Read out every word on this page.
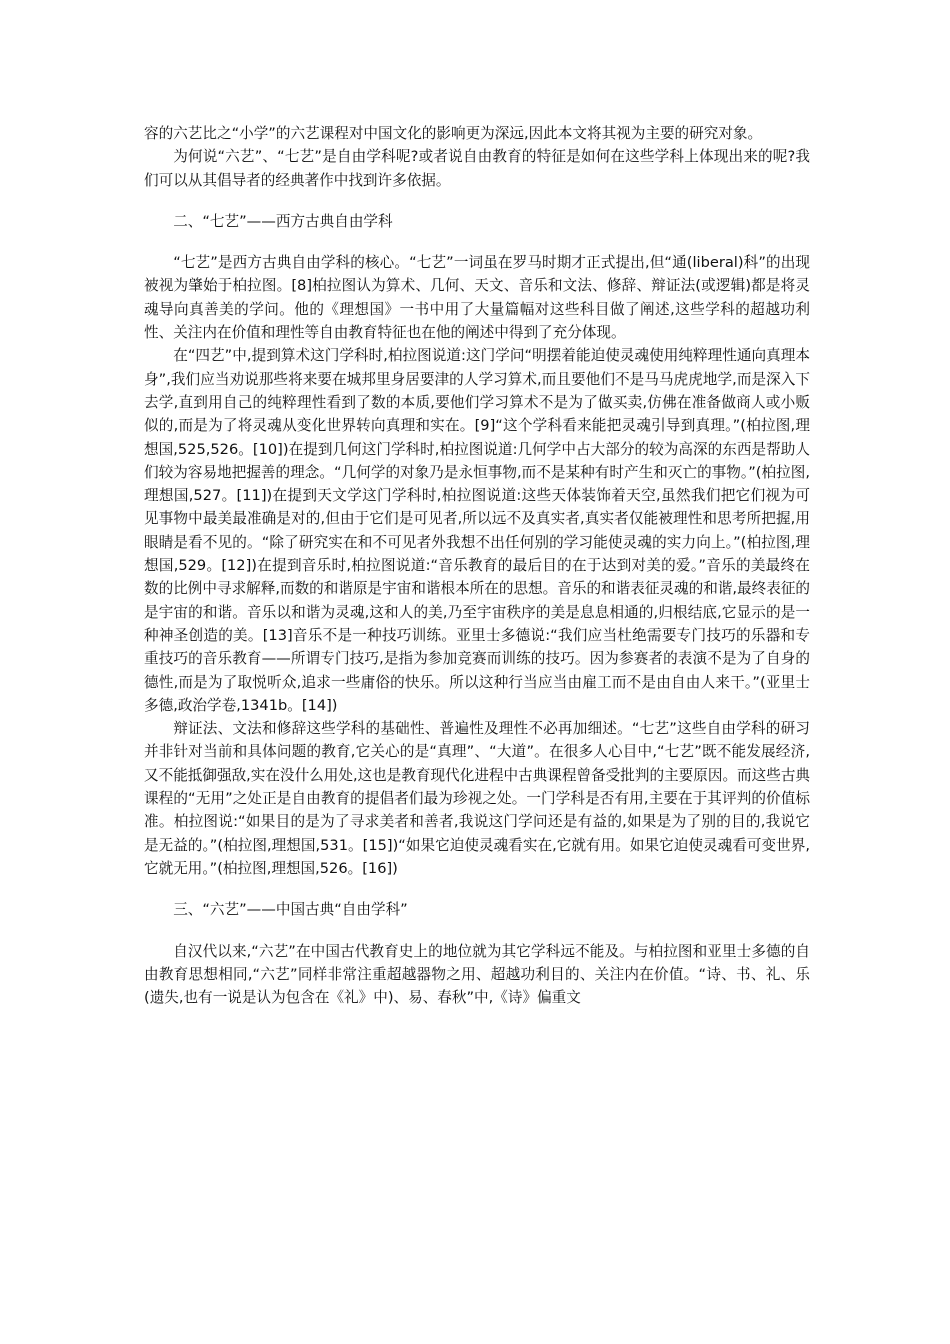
容的六艺比之“小学”的六艺课程对中国文化的影响更为深远,因此本文将其视为主要的研究对象。

为何说“六艺”、“七艺”是自由学科呢?或者说自由教育的特征是如何在这些学科上体现出来的呢?我们可以从其倡导者的经典著作中找到许多依据。

二、“七艺”——西方古典自由学科

“七艺”是西方古典自由学科的核心。“七艺”一词虽在罗马时期才正式提出,但“通(liberal)科”的出现被视为肇始于柏拉图。[8]柏拉图认为算术、几何、天文、音乐和文法、修辞、辩证法(或逻辑)都是将灵魂导向真善美的学问。他的《理想国》一书中用了大量篇幅对这些科目做了阐述,这些学科的超越功利性、关注内在价值和理性等自由教育特征也在他的阐述中得到了充分体现。

在“四艺”中,提到算术这门学科时,柏拉图说道:这门学问“明摆着能迫使灵魂使用纯粹理性通向真理本身”,我们应当劝说那些将来要在城邦里身居要津的人学习算术,而且要他们不是马马虎虎地学,而是深入下去学,直到用自己的纯粹理性看到了数的本质,要他们学习算术不是为了做买卖,仿佛在准备做商人或小贩似的,而是为了将灵魂从变化世界转向真理和实在。[9]“这个学科看来能把灵魂引导到真理。”(柏拉图,理想国,525,526。[10])在提到几何这门学科时,柏拉图说道:几何学中占大部分的较为高深的东西是帮助人们较为容易地把握善的理念。“几何学的对象乃是永恒事物,而不是某种有时产生和灭亡的事物。”(柏拉图,理想国,527。[11])在提到天文学这门学科时,柏拉图说道:这些天体装饰着天空,虽然我们把它们视为可见事物中最美最准确是对的,但由于它们是可见者,所以远不及真实者,真实者仅能被理性和思考所把握,用眼睛是看不见的。“除了研究实在和不可见者外我想不出任何别的学习能使灵魂的实力向上。”(柏拉图,理想国,529。[12])在提到音乐时,柏拉图说道:“音乐教育的最后目的在于达到对美的爱。”音乐的美最终在数的比例中寻求解释,而数的和谐原是宇宙和谐根本所在的思想。音乐的和谐表征灵魂的和谐,最终表征的是宇宙的和谐。音乐以和谐为灵魂,这和人的美,乃至宇宙秩序的美是息息相通的,归根结底,它显示的是一种神圣创造的美。[13]音乐不是一种技巧训练。亚里士多德说:“我们应当杜绝需要专门技巧的乐器和专重技巧的音乐教育——所谓专门技巧,是指为参加竞赛而训练的技巧。因为参赛者的表演不是为了自身的德性,而是为了取悦听众,追求一些庸俗的快乐。所以这种行当应当由雇工而不是由自由人来干。”(亚里士多德,政治学卷,1341b。[14])

辩证法、文法和修辞这些学科的基础性、普遍性及理性不必再加细述。“七艺”这些自由学科的研习并非针对当前和具体问题的教育,它关心的是“真理”、“大道”。在很多人心目中,“七艺”既不能发展经济,又不能抵御强敌,实在没什么用处,这也是教育现代化进程中古典课程曾备受批判的主要原因。而这些古典课程的“无用”之处正是自由教育的提倡者们最为珍视之处。一门学科是否有用,主要在于其评判的价值标准。柏拉图说:“如果目的是为了寻求美者和善者,我说这门学问还是有益的,如果是为了别的目的,我说它是无益的。”(柏拉图,理想国,531。[15])“如果它迫使灵魂看实在,它就有用。如果它迫使灵魂看可变世界,它就无用。”(柏拉图,理想国,526。[16])

三、“六艺”——中国古典“自由学科”

自汉代以来,“六艺”在中国古代教育史上的地位就为其它学科远不能及。与柏拉图和亚里士多德的自由教育思想相同,“六艺”同样非常注重超越器物之用、超越功利目的、关注内在价值。“诗、书、礼、乐(遗失,也有一说是认为包含在《礼》中)、易、春秋”中,《诗》偏重文
